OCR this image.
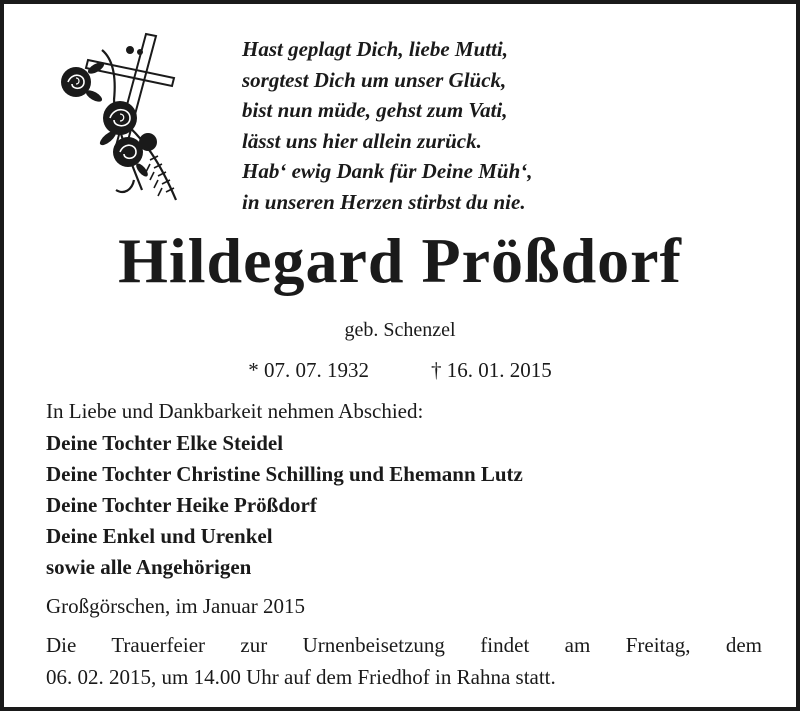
Hast geplagt Dich, liebe Mutti,
sorgtest Dich um unser Glück,
bist nun müde, gehst zum Vati,
lässt uns hier allein zurück.
Hab‘ ewig Dank für Deine Müh‘,
in unseren Herzen stirbst du nie.
Hildegard Prößdorf
geb. Schenzel
* 07. 07. 1932	† 16. 01. 2015
In Liebe und Dankbarkeit nehmen Abschied:
Deine Tochter Elke Steidel
Deine Tochter Christine Schilling und Ehemann Lutz
Deine Tochter Heike Prößdorf
Deine Enkel und Urenkel
sowie alle Angehörigen
Großgörschen, im Januar 2015
Die Trauerfeier zur Urnenbeisetzung findet am Freitag, dem
06. 02. 2015, um 14.00 Uhr auf dem Friedhof in Rahna statt.
